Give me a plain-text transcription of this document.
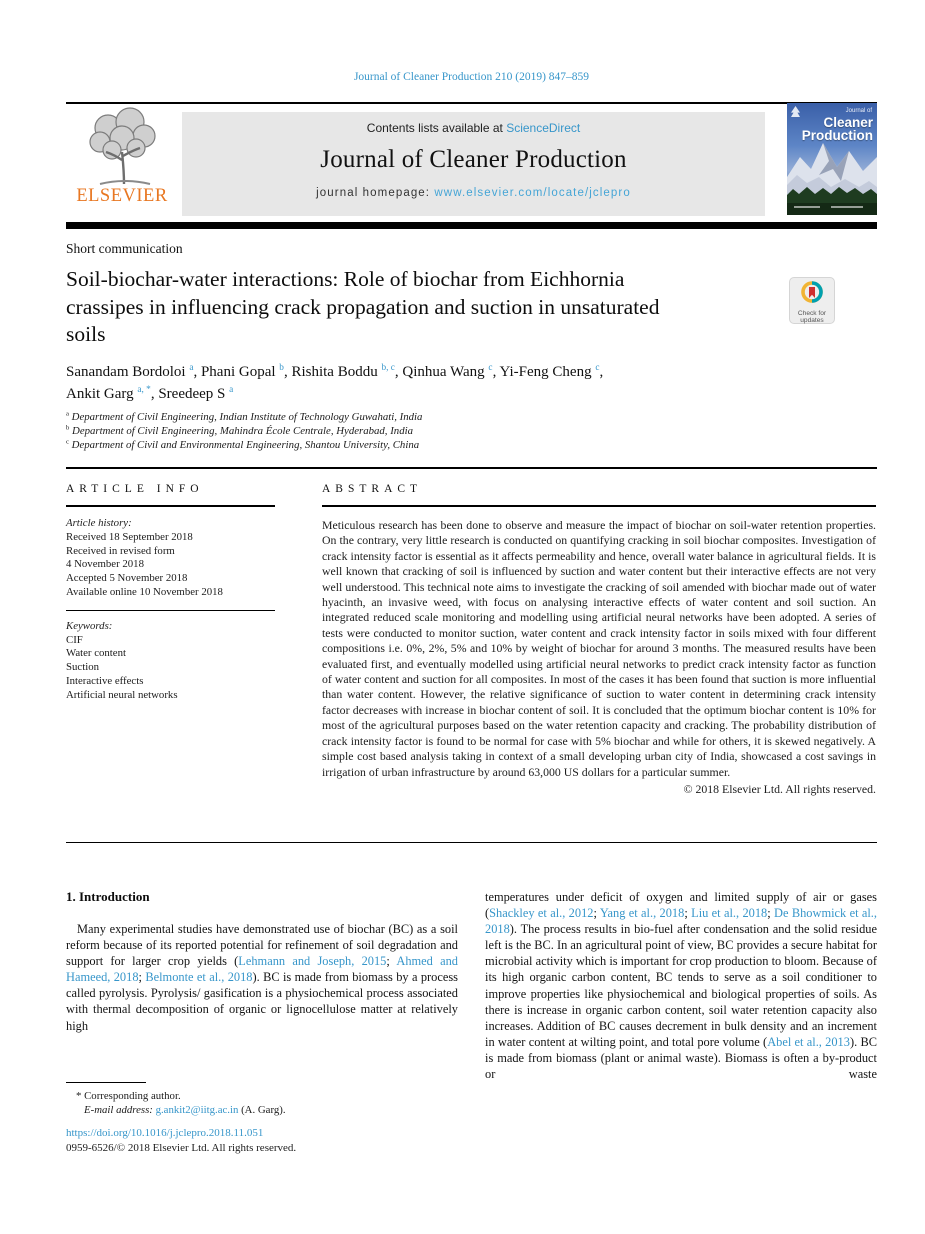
Journal of Cleaner Production 210 (2019) 847–859
ELSEVIER
Contents lists available at ScienceDirect
Journal of Cleaner Production
journal homepage: www.elsevier.com/locate/jclepro
Journal of
Cleaner
Production
Short communication
Soil-biochar-water interactions: Role of biochar from Eichhornia
crassipes in influencing crack propagation and suction in unsaturated
soils
Check for
updates
Sanandam Bordoloi $^a$, Phani Gopal $^b$, Rishita Boddu $^{b, c}$, Qinhua Wang $^c$, Yi-Feng Cheng $^c$,
Ankit Garg $^{a, *}$, Sreedeep S $^a$
$^a$ Department of Civil Engineering, Indian Institute of Technology Guwahati, India
$^b$ Department of Civil Engineering, Mahindra École Centrale, Hyderabad, India
$^c$ Department of Civil and Environmental Engineering, Shantou University, China
ARTICLE INFO
Article history:
Received 18 September 2018
Received in revised form
4 November 2018
Accepted 5 November 2018
Available online 10 November 2018
Keywords:
CIF
Water content
Suction
Interactive effects
Artificial neural networks
ABSTRACT
Meticulous research has been done to observe and measure the impact of biochar on soil-water retention properties. On the contrary, very little research is conducted on quantifying cracking in soil biochar composites. Investigation of crack intensity factor is essential as it affects permeability and hence, overall water balance in agricultural fields. It is well known that cracking of soil is influenced by suction and water content but their interactive effects are not very well understood. This technical note aims to investigate the cracking of soil amended with biochar made out of water hyacinth, an invasive weed, with focus on analysing interactive effects of water content and soil suction. An integrated reduced scale monitoring and modelling using artificial neural networks have been adopted. A series of tests were conducted to monitor suction, water content and crack intensity factor in soils mixed with four different compositions i.e. 0%, 2%, 5% and 10% by weight of biochar for around 3 months. The measured results have been evaluated first, and eventually modelled using artificial neural networks to predict crack intensity factor as function of water content and suction for all composites. In most of the cases it has been found that suction is more influential than water content. However, the relative significance of suction to water content in determining crack intensity factor decreases with increase in biochar content of soil. It is concluded that the optimum biochar content is 10% for most of the agricultural purposes based on the water retention capacity and cracking. The probability distribution of crack intensity factor is found to be normal for case with 5% biochar and while for others, it is skewed negatively. A simple cost based analysis taking in context of a small developing urban city of India, showcased a cost savings in irrigation of urban infrastructure by around 63,000 US dollars for a particular summer.
© 2018 Elsevier Ltd. All rights reserved.
1. Introduction
Many experimental studies have demonstrated use of biochar (BC) as a soil reform because of its reported potential for refinement of soil degradation and support for larger crop yields (Lehmann and Joseph, 2015; Ahmed and Hameed, 2018; Belmonte et al., 2018). BC is made from biomass by a process called pyrolysis. Pyrolysis/ gasification is a physiochemical process associated with thermal decomposition of organic or lignocellulose matter at relatively high
temperatures under deficit of oxygen and limited supply of air or gases (Shackley et al., 2012; Yang et al., 2018; Liu et al., 2018; De Bhowmick et al., 2018). The process results in bio-fuel after condensation and the solid residue left is the BC. In an agricultural point of view, BC provides a secure habitat for microbial activity which is important for crop production to bloom. Because of its high organic carbon content, BC tends to serve as a soil conditioner to improve properties like physiochemical and biological properties of soils. As there is increase in organic carbon content, soil water retention capacity also increases. Addition of BC causes decrement in bulk density and an increment in water content at wilting point, and total pore volume (Abel et al., 2013). BC is made from biomass (plant or animal waste). Biomass is often a by-product or waste
* Corresponding author.
E-mail address: g.ankit2@iitg.ac.in (A. Garg).
https://doi.org/10.1016/j.jclepro.2018.11.051
0959-6526/© 2018 Elsevier Ltd. All rights reserved.
